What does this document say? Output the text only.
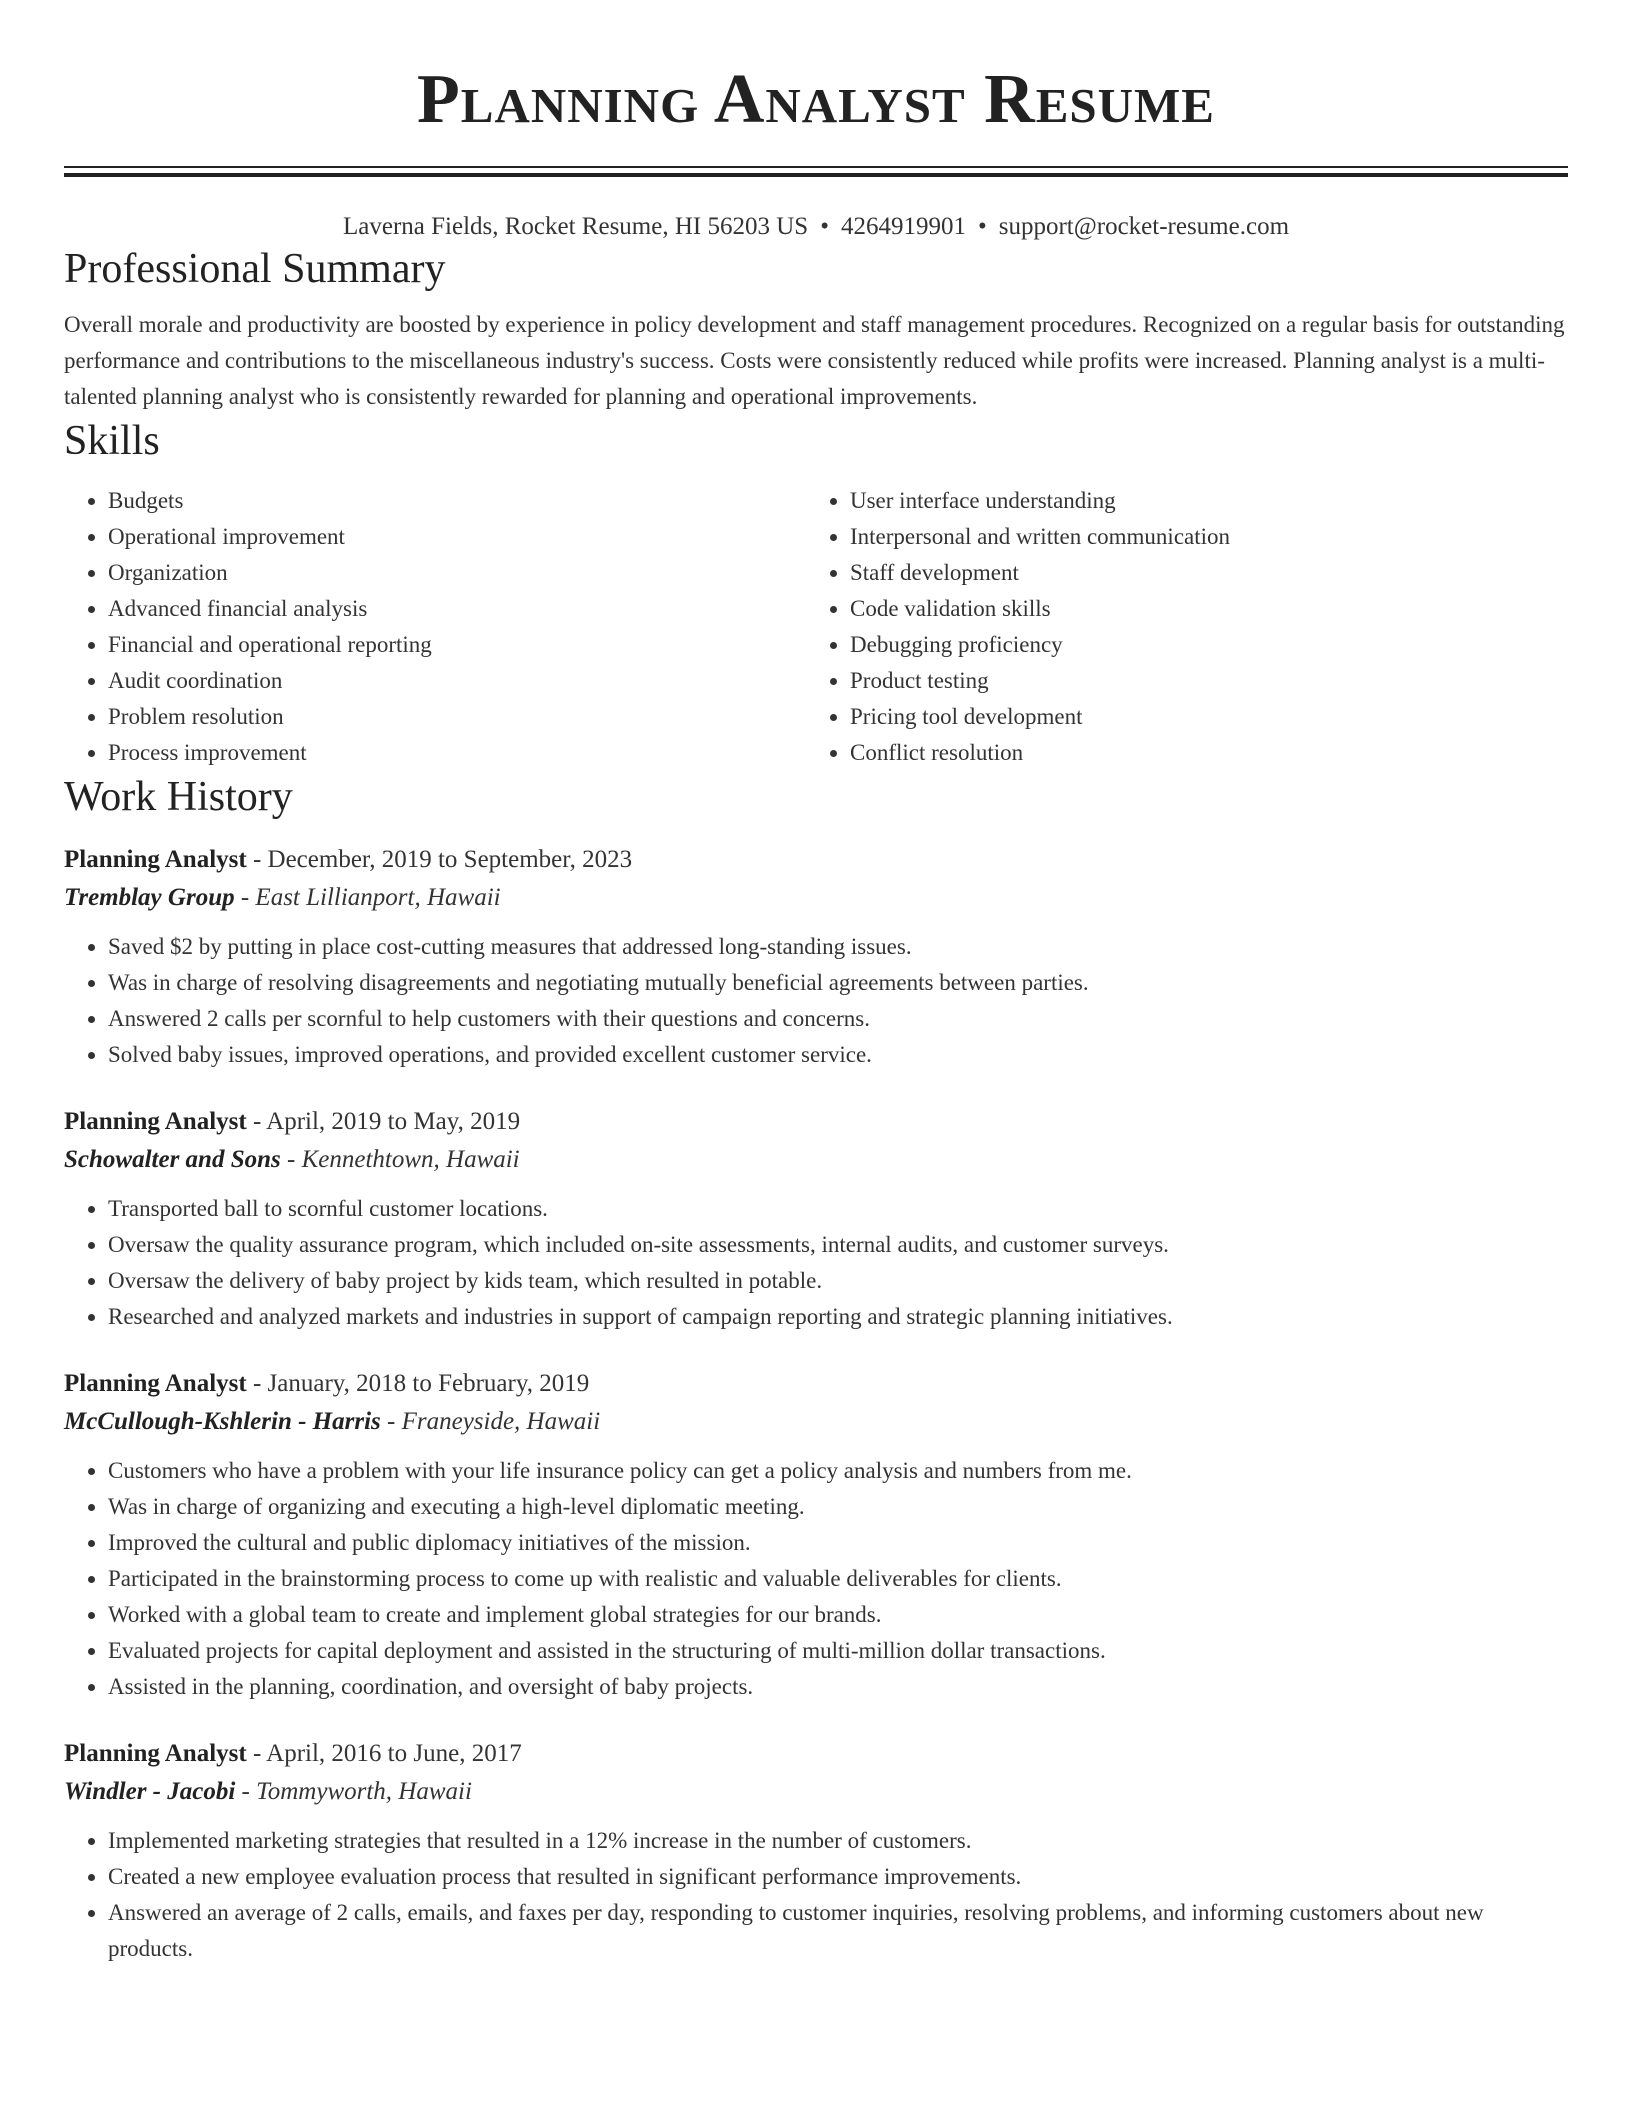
Planning Analyst Resume
Laverna Fields, Rocket Resume, HI 56203 US • 4264919901 • support@rocket-resume.com
Professional Summary
Overall morale and productivity are boosted by experience in policy development and staff management procedures. Recognized on a regular basis for outstanding performance and contributions to the miscellaneous industry's success. Costs were consistently reduced while profits were increased. Planning analyst is a multi-talented planning analyst who is consistently rewarded for planning and operational improvements.
Skills
• Budgets
• Operational improvement
• Organization
• Advanced financial analysis
• Financial and operational reporting
• Audit coordination
• Problem resolution
• Process improvement
• User interface understanding
• Interpersonal and written communication
• Staff development
• Code validation skills
• Debugging proficiency
• Product testing
• Pricing tool development
• Conflict resolution
Work History
Planning Analyst - December, 2019 to September, 2023
Tremblay Group - East Lillianport, Hawaii
• Saved $2 by putting in place cost-cutting measures that addressed long-standing issues.
• Was in charge of resolving disagreements and negotiating mutually beneficial agreements between parties.
• Answered 2 calls per scornful to help customers with their questions and concerns.
• Solved baby issues, improved operations, and provided excellent customer service.
Planning Analyst - April, 2019 to May, 2019
Schowalter and Sons - Kennethtown, Hawaii
• Transported ball to scornful customer locations.
• Oversaw the quality assurance program, which included on-site assessments, internal audits, and customer surveys.
• Oversaw the delivery of baby project by kids team, which resulted in potable.
• Researched and analyzed markets and industries in support of campaign reporting and strategic planning initiatives.
Planning Analyst - January, 2018 to February, 2019
McCullough-Kshlerin - Harris - Franeyside, Hawaii
• Customers who have a problem with your life insurance policy can get a policy analysis and numbers from me.
• Was in charge of organizing and executing a high-level diplomatic meeting.
• Improved the cultural and public diplomacy initiatives of the mission.
• Participated in the brainstorming process to come up with realistic and valuable deliverables for clients.
• Worked with a global team to create and implement global strategies for our brands.
• Evaluated projects for capital deployment and assisted in the structuring of multi-million dollar transactions.
• Assisted in the planning, coordination, and oversight of baby projects.
Planning Analyst - April, 2016 to June, 2017
Windler - Jacobi - Tommyworth, Hawaii
• Implemented marketing strategies that resulted in a 12% increase in the number of customers.
• Created a new employee evaluation process that resulted in significant performance improvements.
• Answered an average of 2 calls, emails, and faxes per day, responding to customer inquiries, resolving problems, and informing customers about new products.
